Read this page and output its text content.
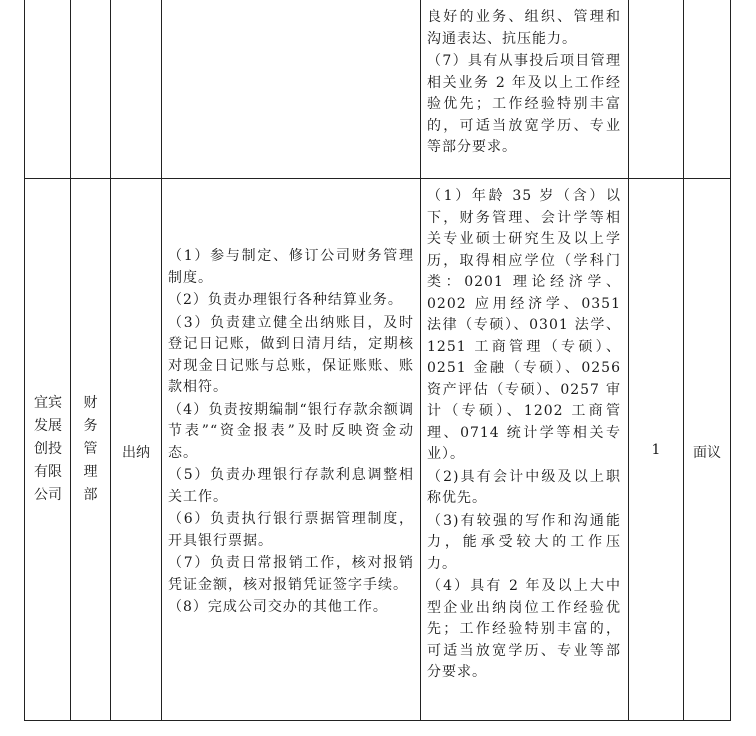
良好的业务、组织、管理和沟通表达、抗压能力。

（7）具有从事投后项目管理相关业务 2 年及以上工作经验优先；工作经验特别丰富的，可适当放宽学历、专业等部分要求。

宜宾
发展
创投
有限
公司
财
务
管
理
部
出纳

（1）参与制定、修订公司财务管理制度。

（2）负责办理银行各种结算业务。

（3）负责建立健全出纳账目，及时登记日记账，做到日清月结，定期核对现金日记账与总账，保证账账、账款相符。

（4）负责按期编制“银行存款余额调节表”“资金报表”及时反映资金动态。

（5）负责办理银行存款利息调整相关工作。

（6）负责执行银行票据管理制度，开具银行票据。

（7）负责日常报销工作，核对报销凭证金额，核对报销凭证签字手续。

（8）完成公司交办的其他工作。

（1）年龄 35 岁（含）以下，财务管理、会计学等相关专业硕士研究生及以上学历，取得相应学位（学科门类：0201 理论经济学、0202 应用经济学、0351 法律（专硕）、0301 法学、1251 工商管理（专硕）、0251 金融（专硕）、0256 资产评估（专硕）、0257 审计（专硕）、1202 工商管理、0714 统计学等相关专业）。

（2)具有会计中级及以上职称优先。

（3)有较强的写作和沟通能力，能承受较大的工作压力。

（4）具有 2 年及以上大中型企业出纳岗位工作经验优先；工作经验特别丰富的，可适当放宽学历、专业等部分要求。

1	面议
